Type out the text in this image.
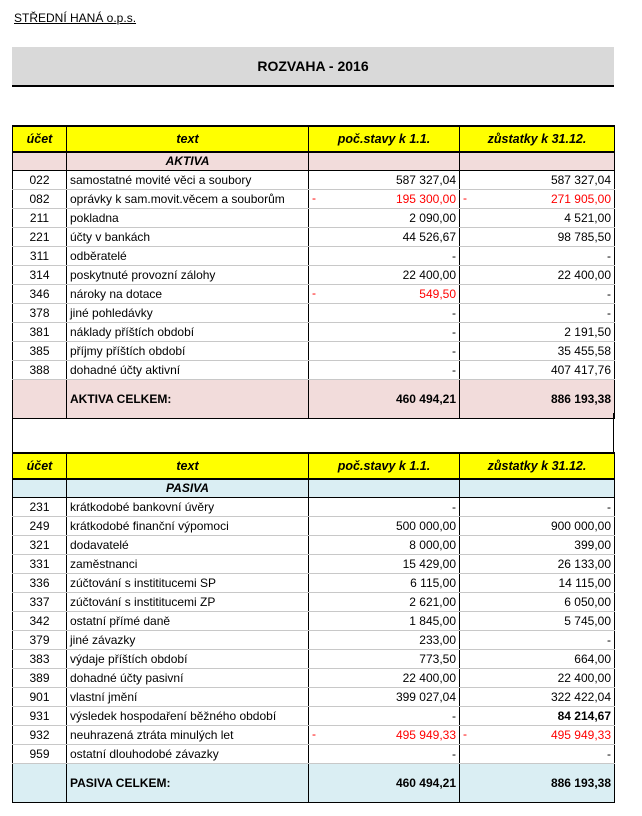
STŘEDNÍ HANÁ o.p.s.
ROZVAHA - 2016
účet	text	poč.stavy k 1.1.	zůstatky k 31.12.
	AKTIVA		
022	samostatné movité věci a soubory	587 327,04	587 327,04
082	oprávky k sam.movit.věcem a souborům	- 195 300,00	- 271 905,00
211	pokladna	2 090,00	4 521,00
221	účty v bankách	44 526,67	98 785,50
311	odběratelé	-	-
314	poskytnuté provozní zálohy	22 400,00	22 400,00
346	nároky na dotace	- 549,50	-
378	jiné pohledávky	-	-
381	náklady příštích období	-	2 191,50
385	příjmy příštích období	-	35 455,58
388	dohadné účty aktivní	-	407 417,76
	AKTIVA CELKEM:	460 494,21	886 193,38
účet	text	poč.stavy k 1.1.	zůstatky k 31.12.
	PASIVA		
231	krátkodobé bankovní úvěry	-	-
249	krátkodobé finanční výpomoci	500 000,00	900 000,00
321	dodavatelé	8 000,00	399,00
331	zaměstnanci	15 429,00	26 133,00
336	zúčtování s instititucemi SP	6 115,00	14 115,00
337	zúčtování s instititucemi ZP	2 621,00	6 050,00
342	ostatní přímé daně	1 845,00	5 745,00
379	jiné závazky	233,00	-
383	výdaje příštích období	773,50	664,00
389	dohadné účty pasivní	22 400,00	22 400,00
901	vlastní jmění	399 027,04	322 422,04
931	výsledek hospodaření běžného období	-	84 214,67
932	neuhrazená ztráta minulých let	- 495 949,33	- 495 949,33
959	ostatní dlouhodobé závazky	-	-
	PASIVA CELKEM:	460 494,21	886 193,38
